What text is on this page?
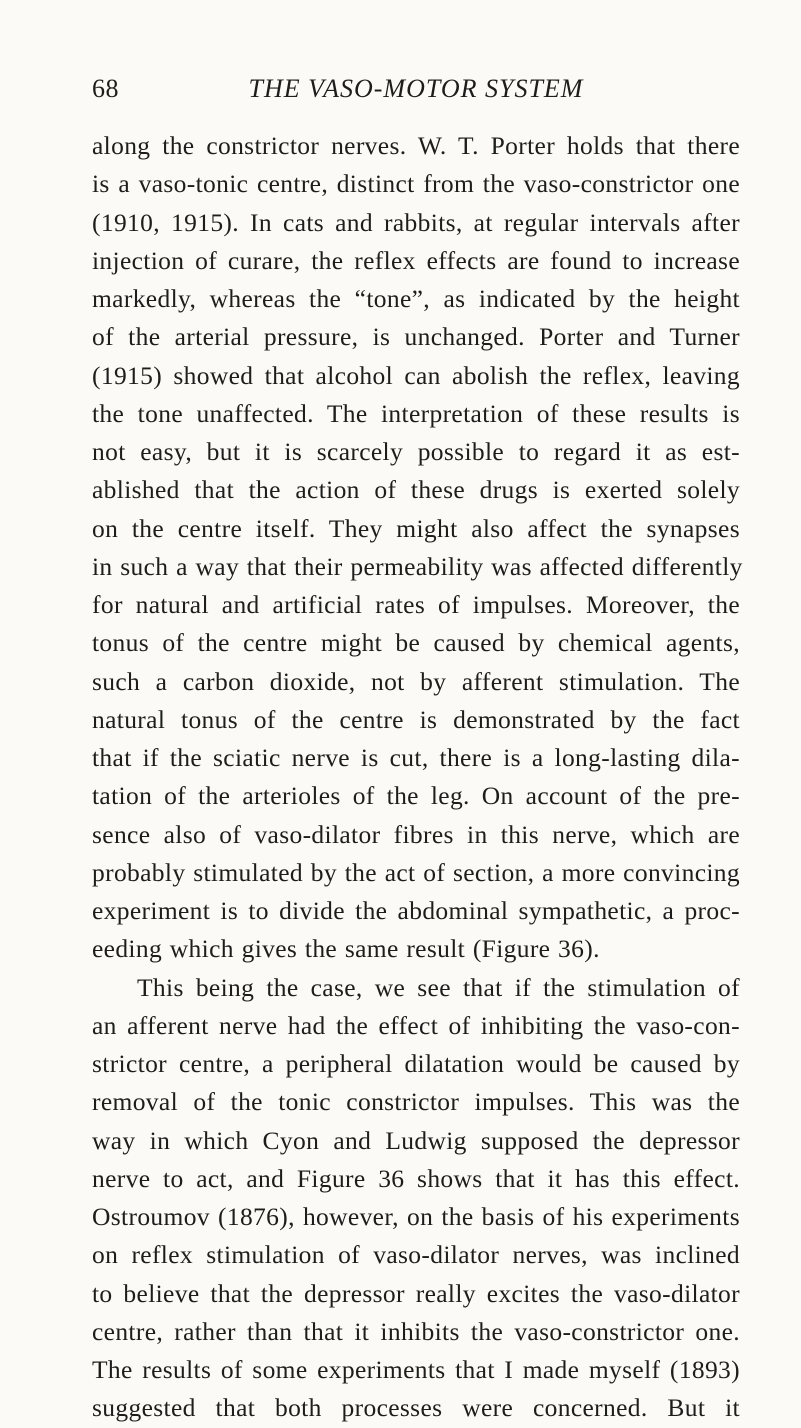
68	THE VASO-MOTOR SYSTEM
along the constrictor nerves. W. T. Porter holds that there
is a vaso-tonic centre, distinct from the vaso-constrictor one
(1910, 1915). In cats and rabbits, at regular intervals after
injection of curare, the reflex effects are found to increase
markedly, whereas the “tone”, as indicated by the height
of the arterial pressure, is unchanged. Porter and Turner
(1915) showed that alcohol can abolish the reflex, leaving
the tone unaffected. The interpretation of these results is
not easy, but it is scarcely possible to regard it as est-
ablished that the action of these drugs is exerted solely
on the centre itself. They might also affect the synapses
in such a way that their permeability was affected differently
for natural and artificial rates of impulses. Moreover, the
tonus of the centre might be caused by chemical agents,
such a carbon dioxide, not by afferent stimulation. The
natural tonus of the centre is demonstrated by the fact
that if the sciatic nerve is cut, there is a long-lasting dila-
tation of the arterioles of the leg. On account of the pre-
sence also of vaso-dilator fibres in this nerve, which are
probably stimulated by the act of section, a more convincing
experiment is to divide the abdominal sympathetic, a proc-
eeding which gives the same result (Figure 36).
This being the case, we see that if the stimulation of
an afferent nerve had the effect of inhibiting the vaso-con-
strictor centre, a peripheral dilatation would be caused by
removal of the tonic constrictor impulses. This was the
way in which Cyon and Ludwig supposed the depressor
nerve to act, and Figure 36 shows that it has this effect.
Ostroumov (1876), however, on the basis of his experiments
on reflex stimulation of vaso-dilator nerves, was inclined
to believe that the depressor really excites the vaso-dilator
centre, rather than that it inhibits the vaso-constrictor one.
The results of some experiments that I made myself (1893)
suggested that both processes were concerned. But it
